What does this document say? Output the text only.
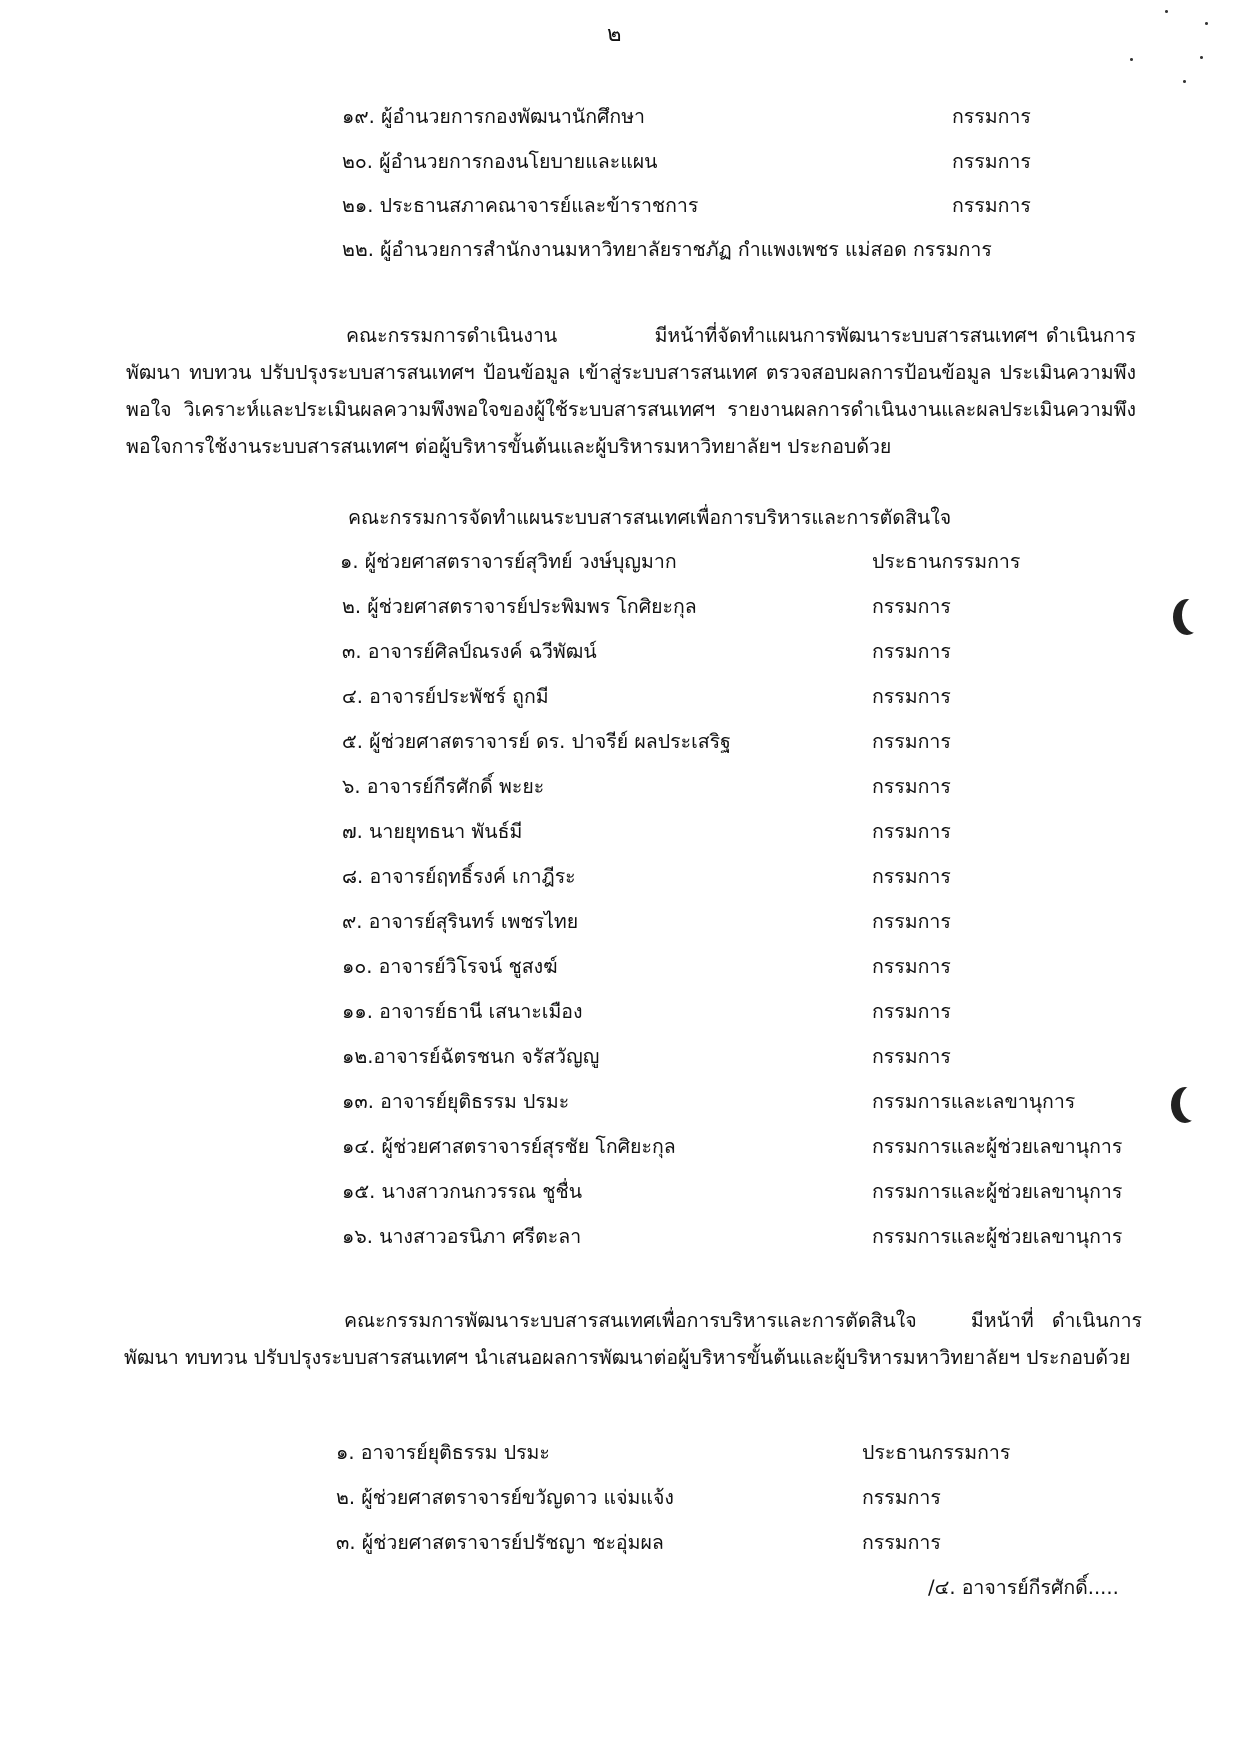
๒
๑๙. ผู้อำนวยการกองพัฒนานักศึกษา	กรรมการ
๒๐. ผู้อำนวยการกองนโยบายและแผน	กรรมการ
๒๑. ประธานสภาคณาจารย์และข้าราชการ	กรรมการ
๒๒. ผู้อำนวยการสำนักงานมหาวิทยาลัยราชภัฏ กำแพงเพชร แม่สอด กรรมการ
คณะกรรมการดำเนินงาน	มีหน้าที่จัดทำแผนการพัฒนาระบบสารสนเทศฯ ดำเนินการพัฒนา ทบทวน ปรับปรุงระบบสารสนเทศฯ ป้อนข้อมูล เข้าสู่ระบบสารสนเทศ ตรวจสอบผลการป้อนข้อมูล ประเมินความพึงพอใจ วิเคราะห์และประเมินผลความพึงพอใจของผู้ใช้ระบบสารสนเทศฯ รายงานผลการดำเนินงานและผลประเมินความพึงพอใจการใช้งานระบบสารสนเทศฯ ต่อผู้บริหารขั้นต้นและผู้บริหารมหาวิทยาลัยฯ ประกอบด้วย
คณะกรรมการจัดทำแผนระบบสารสนเทศเพื่อการบริหารและการตัดสินใจ
๑. ผู้ช่วยศาสตราจารย์สุวิทย์ วงษ์บุญมาก	ประธานกรรมการ
๒. ผู้ช่วยศาสตราจารย์ประพิมพร โกศิยะกุล	กรรมการ
๓. อาจารย์ศิลป์ณรงค์ ฉวีพัฒน์	กรรมการ
๔. อาจารย์ประพัชร์ ถูกมี	กรรมการ
๕. ผู้ช่วยศาสตราจารย์ ดร. ปาจรีย์ ผลประเสริฐ	กรรมการ
๖. อาจารย์กีรศักดิ์ พะยะ	กรรมการ
๗. นายยุทธนา พันธ์มี	กรรมการ
๘. อาจารย์ฤทธิ์รงค์ เกาฎีระ	กรรมการ
๙. อาจารย์สุรินทร์ เพชรไทย	กรรมการ
๑๐. อาจารย์วิโรจน์ ชูสงฆ์	กรรมการ
๑๑. อาจารย์ธานี เสนาะเมือง	กรรมการ
๑๒.อาจารย์ฉัตรชนก จรัสวัญญู	กรรมการ
๑๓. อาจารย์ยุติธรรม ปรมะ	กรรมการและเลขานุการ
๑๔. ผู้ช่วยศาสตราจารย์สุรชัย โกศิยะกุล	กรรมการและผู้ช่วยเลขานุการ
๑๕. นางสาวกนกวรรณ ชูชื่น	กรรมการและผู้ช่วยเลขานุการ
๑๖. นางสาวอรนิภา ศรีตะลา	กรรมการและผู้ช่วยเลขานุการ
คณะกรรมการพัฒนาระบบสารสนเทศเพื่อการบริหารและการตัดสินใจ	มีหน้าที่ ดำเนินการพัฒนา ทบทวน ปรับปรุงระบบสารสนเทศฯ นำเสนอผลการพัฒนาต่อผู้บริหารขั้นต้นและผู้บริหารมหาวิทยาลัยฯ ประกอบด้วย
๑. อาจารย์ยุติธรรม ปรมะ	ประธานกรรมการ
๒. ผู้ช่วยศาสตราจารย์ขวัญดาว แจ่มแจ้ง	กรรมการ
๓. ผู้ช่วยศาสตราจารย์ปรัชญา ชะอุ่มผล	กรรมการ
/๔. อาจารย์กีรศักดิ์.....
